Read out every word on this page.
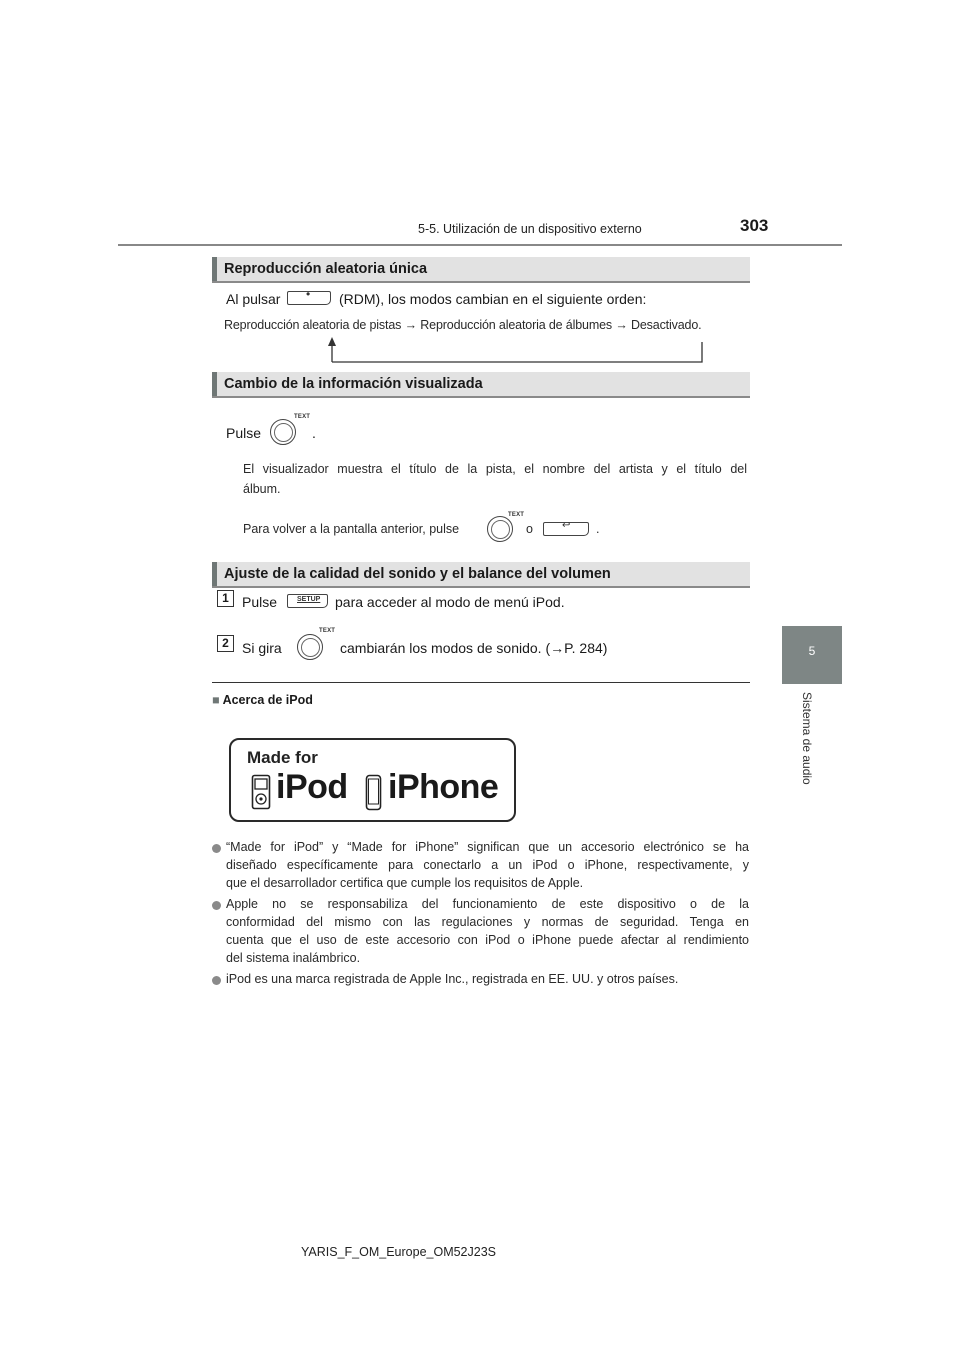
5-5. Utilización de un dispositivo externo	303
5
Sistema de audio
Reproducción aleatoria única
Al pulsar • (RDM), los modos cambian en el siguiente orden:
Reproducción aleatoria de pistas → Reproducción aleatoria de álbumes → Desactivado.
Cambio de la información visualizada
Pulse
TEXT
.
El visualizador muestra el título de la pista, el nombre del artista y el título del
álbum.
Para volver a la pantalla anterior, pulse
TEXT
o	↩ .
Ajuste de la calidad del sonido y el balance del volumen
1 Pulse	SETUP para acceder al modo de menú iPod.
2 Si gira
TEXT
cambiarán los modos de sonido. (→P. 284)
■ Acerca de iPod
Made for
iPod iPhone
“Made for iPod” y “Made for iPhone” significan que un accesorio electrónico se ha
diseñado específicamente para conectarlo a un iPod o iPhone, respectivamente, y
que el desarrollador certifica que cumple los requisitos de Apple.
Apple no se responsabiliza del funcionamiento de este dispositivo o de la
conformidad del mismo con las regulaciones y normas de seguridad. Tenga en
cuenta que el uso de este accesorio con iPod o iPhone puede afectar al rendimiento
del sistema inalámbrico.
iPod es una marca registrada de Apple Inc., registrada en EE. UU. y otros países.
YARIS_F_OM_Europe_OM52J23S
